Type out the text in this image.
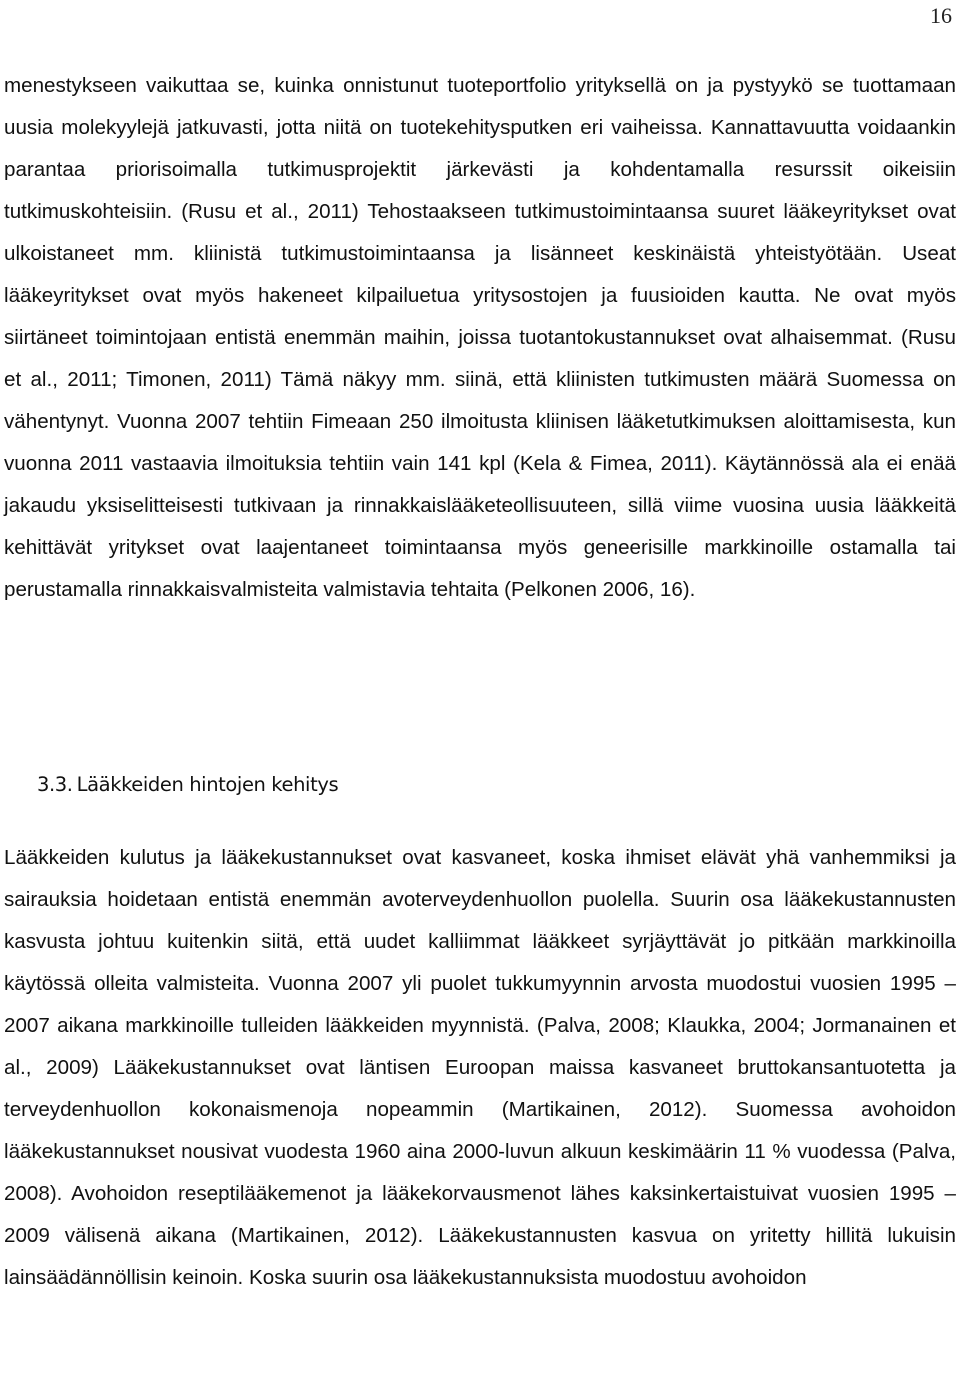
16

menestykseen vaikuttaa se, kuinka onnistunut tuoteportfolio yrityksellä on ja pystyykö se tuottamaan uusia molekyylejä jatkuvasti, jotta niitä on tuotekehitysputken eri vaiheissa. Kannattavuutta voidaankin parantaa priorisoimalla tutkimusprojektit järkevästi ja kohdentamalla resurssit oikeisiin tutkimuskohteisiin. (Rusu et al., 2011) Tehostaakseen tutkimustoimintaansa suuret lääkeyritykset ovat ulkoistaneet mm. kliinistä tutkimustoimintaansa ja lisänneet keskinäistä yhteistyötään. Useat lääkeyritykset ovat myös hakeneet kilpailuetua yritysostojen ja fuusioiden kautta. Ne ovat myös siirtäneet toimintojaan entistä enemmän maihin, joissa tuotantokustannukset ovat alhaisemmat. (Rusu et al., 2011; Timonen, 2011) Tämä näkyy mm. siinä, että kliinisten tutkimusten määrä Suomessa on vähentynyt. Vuonna 2007 tehtiin Fimeaan 250 ilmoitusta kliinisen lääketutkimuksen aloittamisesta, kun vuonna 2011 vastaavia ilmoituksia tehtiin vain 141 kpl (Kela & Fimea, 2011). Käytännössä ala ei enää jakaudu yksiselitteisesti tutkivaan ja rinnakkaislääketeollisuuteen, sillä viime vuosina uusia lääkkeitä kehittävät yritykset ovat laajentaneet toimintaansa myös geneerisille markkinoille ostamalla tai perustamalla rinnakkaisvalmisteita valmistavia tehtaita (Pelkonen 2006, 16).

3.3. Lääkkeiden hintojen kehitys

Lääkkeiden kulutus ja lääkekustannukset ovat kasvaneet, koska ihmiset elävät yhä vanhemmiksi ja sairauksia hoidetaan entistä enemmän avoterveydenhuollon puolella. Suurin osa lääkekustannusten kasvusta johtuu kuitenkin siitä, että uudet kalliimmat lääkkeet syrjäyttävät jo pitkään markkinoilla käytössä olleita valmisteita. Vuonna 2007 yli puolet tukkumyynnin arvosta muodostui vuosien 1995 – 2007 aikana markkinoille tulleiden lääkkeiden myynnistä. (Palva, 2008; Klaukka, 2004; Jormanainen et al., 2009) Lääkekustannukset ovat läntisen Euroopan maissa kasvaneet bruttokansantuotetta ja terveydenhuollon kokonaismenoja nopeammin (Martikainen, 2012). Suomessa avohoidon lääkekustannukset nousivat vuodesta 1960 aina 2000-luvun alkuun keskimäärin 11 % vuodessa (Palva, 2008). Avohoidon reseptilääkemenot ja lääkekorvausmenot lähes kaksinkertaistuivat vuosien 1995 – 2009 välisenä aikana (Martikainen, 2012). Lääkekustannusten kasvua on yritetty hillitä lukuisin lainsäädännöllisin keinoin. Koska suurin osa lääkekustannuksista muodostuu avohoidon
